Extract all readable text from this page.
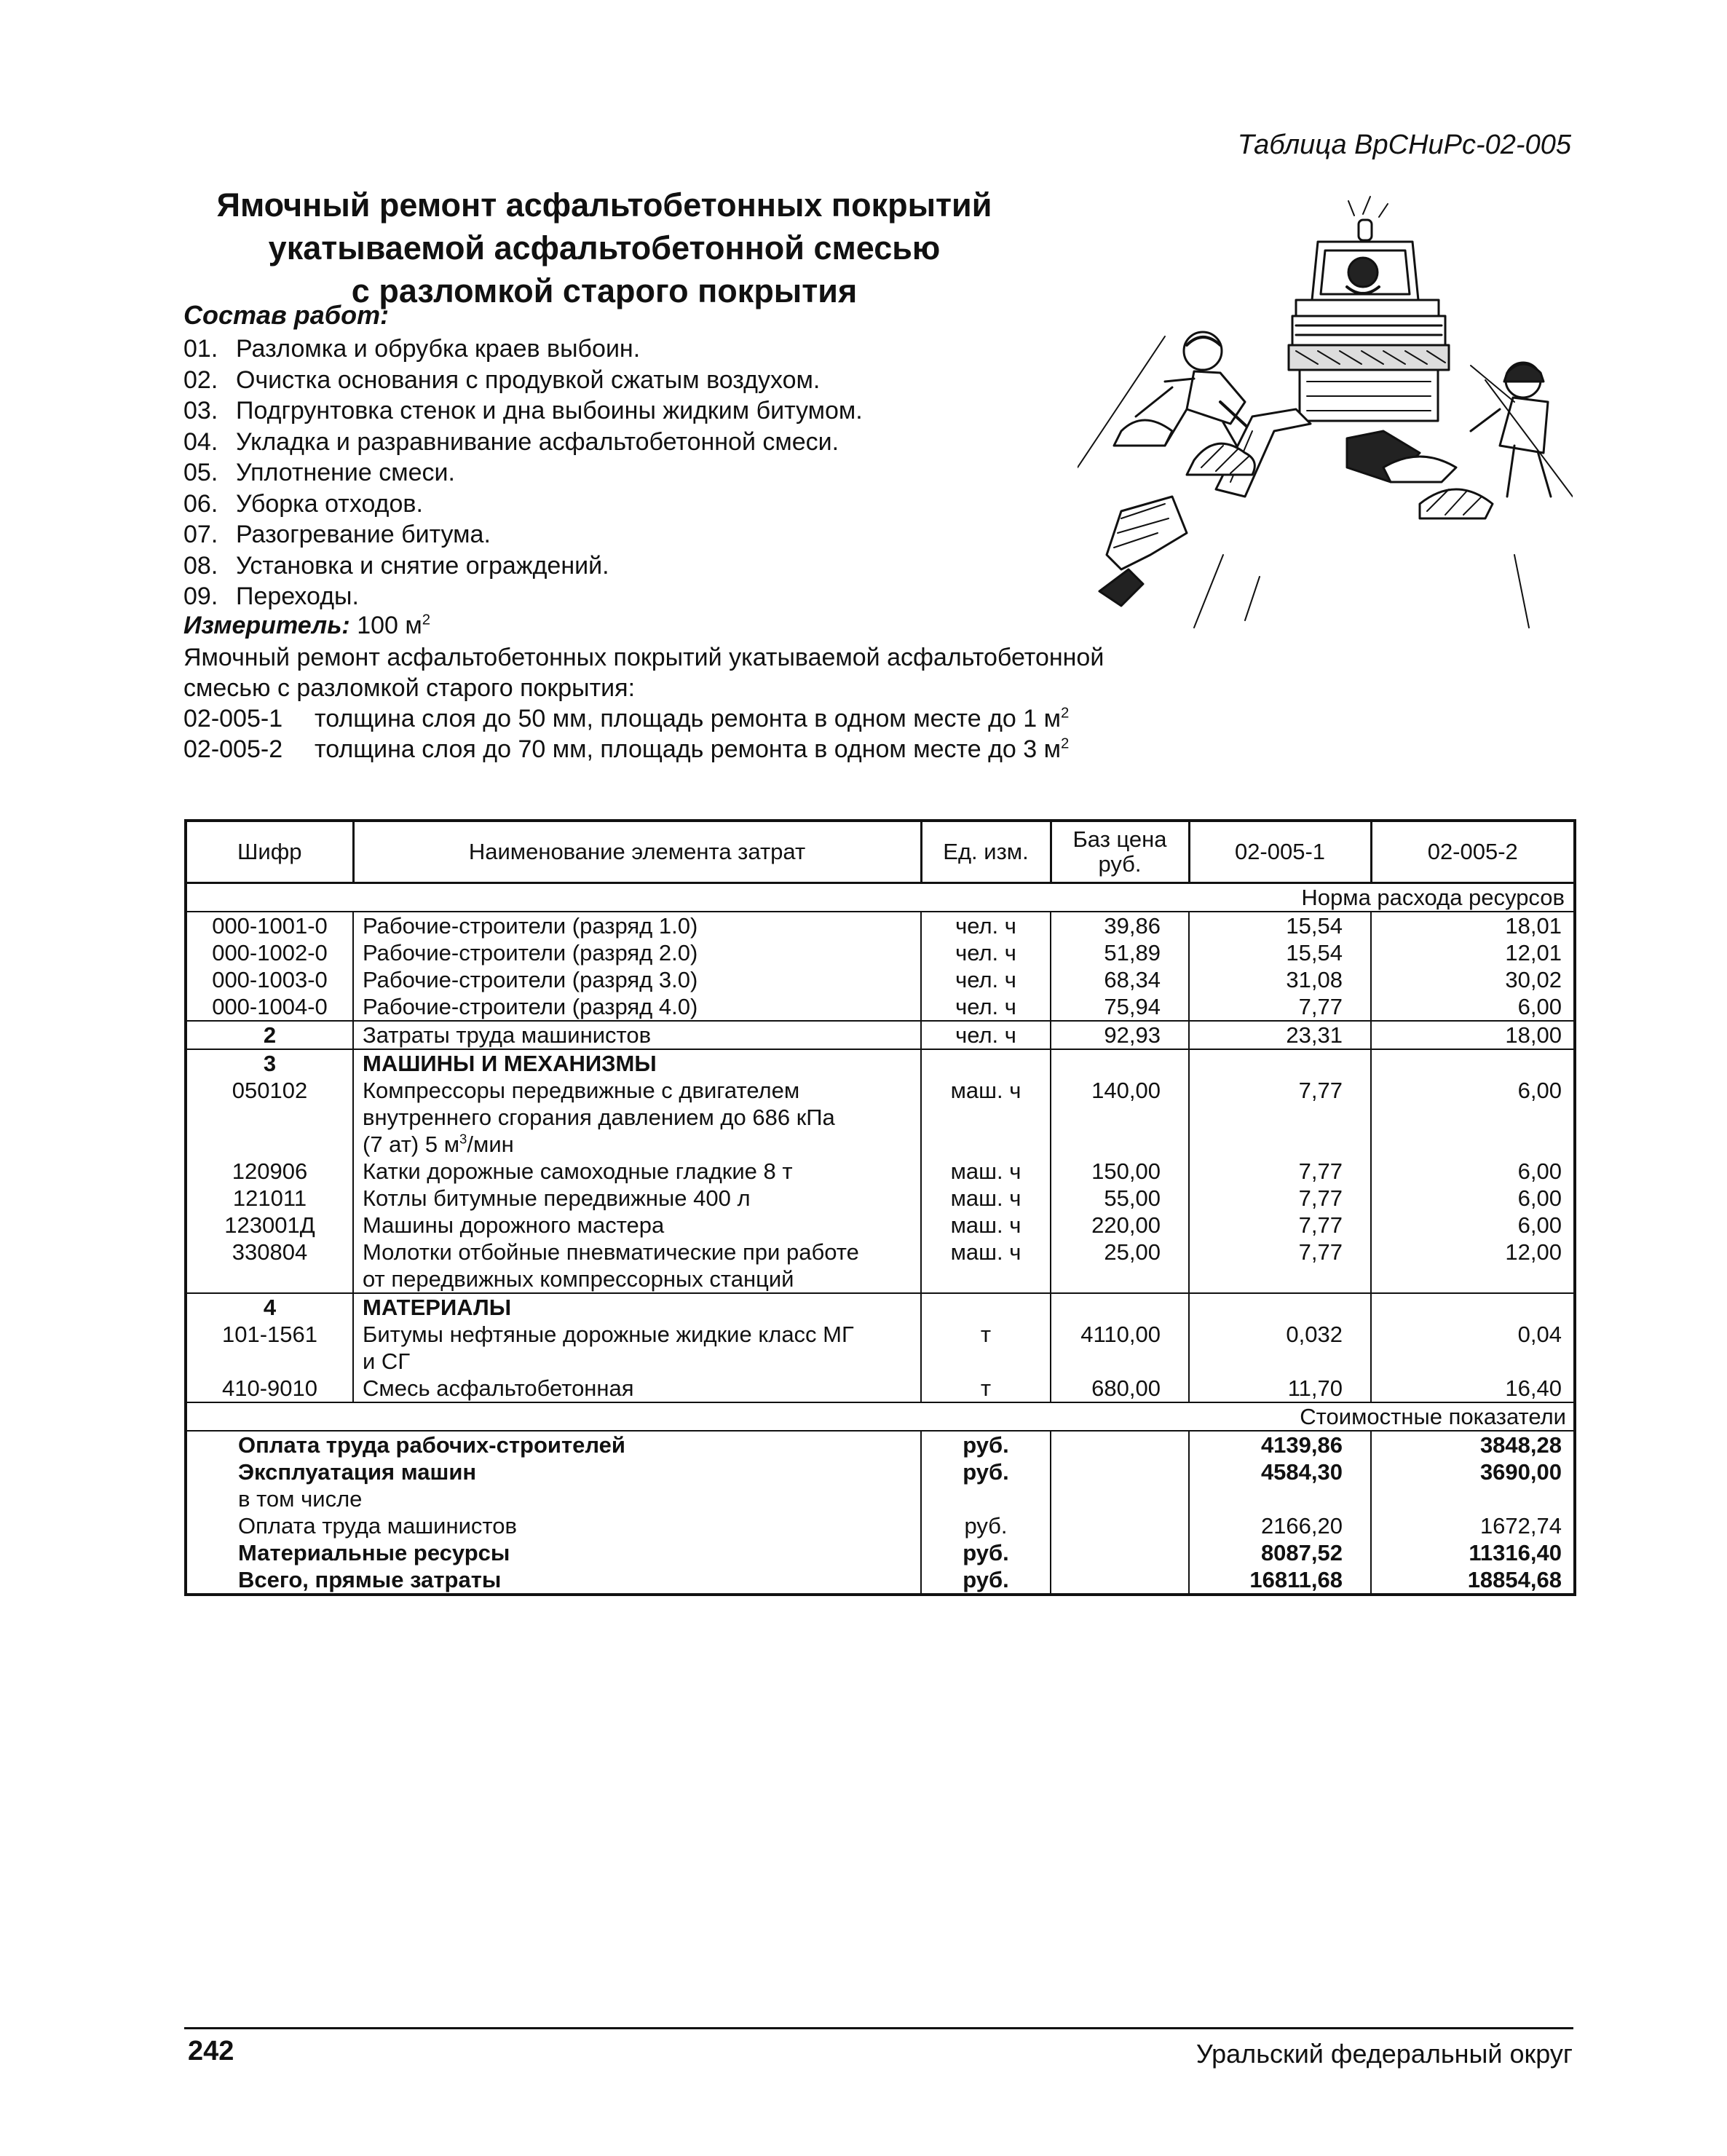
Таблица ВрСНиРс-02-005
Ямочный ремонт асфальтобетонных покрытий
укатываемой асфальтобетонной смесью
с разломкой старого покрытия
Состав работ:
01. Разломка и обрубка краев выбоин.
02. Очистка основания с продувкой сжатым воздухом.
03. Подгрунтовка стенок и дна выбоины жидким битумом.
04. Укладка и разравнивание асфальтобетонной смеси.
05. Уплотнение смеси.
06. Уборка отходов.
07. Разогревание битума.
08. Установка и снятие ограждений.
09. Переходы.
Измеритель: 100 $м^2$
Ямочный ремонт асфальтобетонных покрытий укатываемой асфальтобетонной
смесью с разломкой старого покрытия:
02-005-1 толщина слоя до 50 мм, площадь ремонта в одном месте до 1 $м^2$
02-005-2 толщина слоя до 70 мм, площадь ремонта в одном месте до 3 $м^2$
Шифр	Наименование элемента затрат	Ед. изм.	Баз цена руб.	02-005-1	02-005-2
Норма расхода ресурсов					
000-1001-0	Рабочие-строители (разряд 1.0)	чел. ч	39,86	15,54	18,01
000-1002-0	Рабочие-строители (разряд 2.0)	чел. ч	51,89	15,54	12,01
000-1003-0	Рабочие-строители (разряд 3.0)	чел. ч	68,34	31,08	30,02
000-1004-0	Рабочие-строители (разряд 4.0)	чел. ч	75,94	7,77	6,00
2	Затраты труда машинистов	чел. ч	92,93	23,31	18,00
3	МАШИНЫ И МЕХАНИЗМЫ				
050102	Компрессоры передвижные с двигателем
внутреннего сгорания давлением до 686 кПа
(7 ат) 5 $м^3$/мин	маш. ч	140,00	7,77	6,00
120906	Катки дорожные самоходные гладкие 8 т	маш. ч	150,00	7,77	6,00
121011	Котлы битумные передвижные 400 л	маш. ч	55,00	7,77	6,00
123001Д	Машины дорожного мастера	маш. ч	220,00	7,77	6,00
330804	Молотки отбойные пневматические при работе
от передвижных компрессорных станций	маш. ч	25,00	7,77	12,00
4	МАТЕРИАЛЫ				
101-1561	Битумы нефтяные дорожные жидкие класс МГ
и СГ	т	4110,00	0,032	0,04
410-9010	Смесь асфальтобетонная	т	680,00	11,70	16,40
Стоимостные показатели					
Оплата труда рабочих-строителей		руб.		4139,86	3848,28
Эксплуатация машин		руб.		4584,30	3690,00
в том числе					
Оплата труда машинистов		руб.		2166,20	1672,74
Материальные ресурсы		руб.		8087,52	11316,40
Всего, прямые затраты		руб.		16811,68	18854,68
242	Уральский федеральный округ
